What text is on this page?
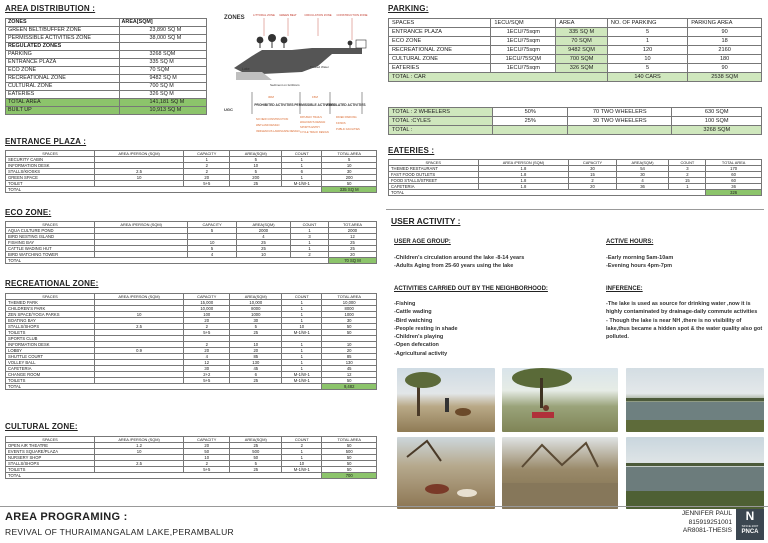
AREA DISTRIBUTION :
ZONES	AREA[SQM]
GREEN BELT/BUFFER ZONE	23,890 SQ M
PERMISSIBLE ACTIVITIES ZONE	38,000 SQ M
REGULATED ZONES	
PARKING	3268 SQM
ENTRANCE PLAZA	335 SQ M
ECO ZONE	70 SQM
RECREATIONAL ZONE	9482 SQ M
CULTURAL ZONE	700 SQ M
EATERIES	326 SQ M
TOTAL AREA	141,181 SQ M
BUILT UP	10,913 SQ M
ZONES	LITTORAL ZONE GREEN BELT	CIRCULATION ZONE CONSTRUCTION ZONE
Lake
Sediment on fertilizers
Treated Water
30M	15M
PROHIBITED ACTIVITIES PERMISSIBLE ACTIVITIES
REGULATED ACTIVITIES
UGC
NO NEW CONSTRUCTION
WETLAND DESIGN
INDIGENOUS LANDSCAPE DESIGN
PATHWAY TRAILS
WALKWAYS DESIGN
SPORTS ENTRY
CYCLE TRACK DESIGN
PAVED PARKING
KIOSKS
PUBLIC FACILITIES
PARKING:
SPACES	1ECU/SQM	AREA	NO. OF PARKING	PARKING AREA
ENTRANCE PLAZA	1ECU/75sqm	335 SQ M	5	90
ECO ZONE	1ECU/75sqm	70 SQM	1	18
RECREATIONAL ZONE	1ECU/75sqm	9482 SQM	120	2160
CULTURAL ZONE	1ECU/75SQM	700 SQM	10	180
EATERIES	1ECU/75sqm	326 SQM	5	90
TOTAL : CAR			140 CARS	2538 SQM
TOTAL : 2 WHEELERS	50%	70 TWO WHEELERS	630 SQM
TOTAL :CYLES	25%	30 TWO WHEELERS	100 SQM
TOTAL :			3268 SQM
EATERIES :
SPACES	AREA /PERSON (SQM)	CAPACITY	AREA(SQM)	COUNT	TOTAL AREA
THEMED RESTAURANT	1.8	30	54	3	170
FAST FOOD OUTLETS	1.8	15	30	2	60
FOOD STALLS/STREET	1.8	2	4	15	60
CAFETERIA	1.8	20	36	1	36
TOTAL					326
ENTRANCE PLAZA :
SPACES	AREA /PERSON (SQM)	CAPACITY	AREA(SQM)	COUNT	TOTAL AREA
SECURITY CABIN		1	5	1	5
INFORMATION DESK		2	10	1	10
STALLS/KIOSKS	2.5	2	5	6	30
GREEN SPACE	10	20	200	1	200
TOILET		5+5	25	M-1/W-1	50
TOTAL					335 SQ M
ECO ZONE:
SPACES	AREA /PERSON (SQM)	CAPACITY	AREA(SQM)	COUNT	TOT.AREA
AQUA CULTURE POND		5	2000	1	2000
BIRD NESTING ISLAND			4	3	12
FISHING BAY		10	25	1	25
CATTLE WADING HUT		5	25	1	25
BIRD WATCHING TOWER		4	10	2	20
TOTAL					70 SQ M
RECREATIONAL ZONE:
SPACES	AREA /PERSON (SQM)	CAPACITY	AREA(SQM)	COUNT	TOTAL AREA
THEMED PARK		15,000	10,000	1	10,000
CHILDREN'S PARK		10,000	8000	1	8000
ZEN SPACE/YOGA PARKS	10	100	1000	1	1000
BOATING BAY		20	30	1	30
STALLS/SHOPS	2.5	2	5	10	50
TOILETS		5+5	25	M-1/W-1	50
SPORTS CLUB					
INFORMATION DESK		2	10	1	10
LOBBY	0.9	20	20	1	20
SHUTTLE COURT		4	85	1	85
VOLLEY BALL		12	130	1	130
CAFETERIA		30	45	1	45
CHANGE ROOM		2+2	6	M-1/W-1	12
TOILETS		5+5	25	M-1/W-1	50
TOTAL					9,482
CULTURAL ZONE:
SPACES	AREA /PERSON (SQM)	CAPACITY	AREA(SQM)	COUNT	TOTAL AREA
OPEN AIR THEATRE	1.2	20	25	2	50
EVENTS SQUARE/PLAZA	10	50	500	1	500
NURSERY SHOP		10	50	1	50
STALLS/SHOPS	2.5	2	5	10	50
TOILETS		5+5	25	M-1/W-1	50
TOTAL					700
USER ACTIVITY :
USER AGE GROUP:
-Children's circulation around the lake -8-14 years
-Adults Aging from 25-60 years using the lake
ACTIVE HOURS:
-Early morning 5am-10am
-Evening hours 4pm-7pm
ACTIVITIES CARRIED OUT BY THE NEIGHBORHOOD:
-Fishing
-Cattle wading
-Bird watching
-People resting in shade
-Children's playing
-Open defecation
-Agricultural activity
INFERENCE:
-The lake is used as source for drinking water ,now it is highly contaminated by drainage-daily commute activities
- Though the lake is near NH ,there is no visibility of lake,thus became a hidden spot & the water quality also got polluted.
AREA PROGRAMING :
REVIVAL OF THURAIMANGALAM LAKE,PERAMBALUR
JENNIFER PAUL
815919251001
AR8081-THESIS
N
SINCE 2007
PNCA
